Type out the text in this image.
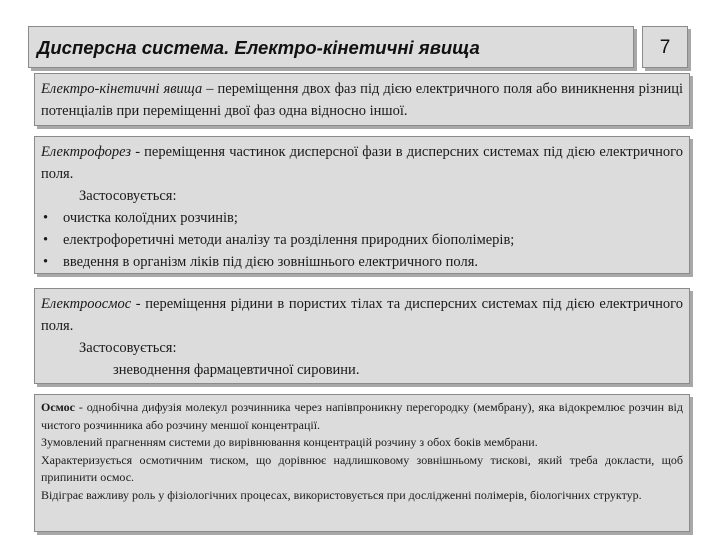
Дисперсна система. Електро-кінетичні явища	7

Електро-кінетичні явища – переміщення двох фаз під дією електричного поля або виникнення різниці потенціалів при переміщенні двої фаз одна відносно іншої.

Електрофорез - переміщення частинок дисперсної фази в дисперсних системах під дією електричного поля.

Застосовується:

• очистка колоїдних розчинів;
• електрофоретичні методи аналізу та розділення природних біополімерів;
• введення в організм ліків під дією зовнішнього електричного поля.

Електроосмос - переміщення рідини в пористих тілах та дисперсних системах під дією електричного поля.

Застосовується:

зневоднення фармацевтичної сировини.

Осмос - однобічна дифузія молекул розчинника через напівпроникну перегородку (мембрану), яка відокремлює розчин від чистого розчинника або розчину меншої концентрації.

Зумовлений прагненням системи до вирівнювання концентрацій розчину з обох боків мембрани.

Характеризується осмотичним тиском, що дорівнює надлишковому зовнішньому тискові, який треба докласти, щоб припинити осмос.

Відіграє важливу роль у фізіологічних процесах, використовується при дослідженні полімерів, біологічних структур.
